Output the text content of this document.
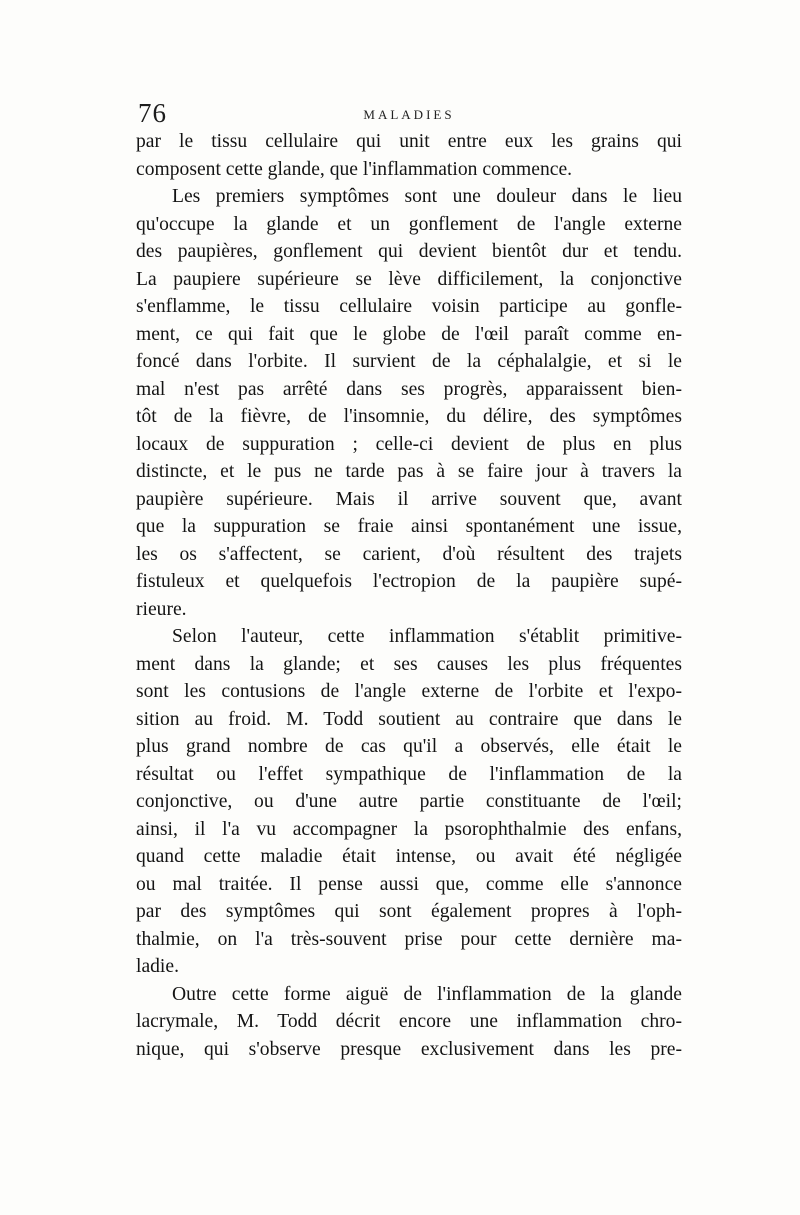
76	MALADIES
par le tissu cellulaire qui unit entre eux les grains qui
composent cette glande, que l'inflammation commence.
Les premiers symptômes sont une douleur dans le lieu
qu'occupe la glande et un gonflement de l'angle externe
des paupières, gonflement qui devient bientôt dur et tendu.
La paupiere supérieure se lève difficilement, la conjonctive
s'enflamme, le tissu cellulaire voisin participe au gonfle-
ment, ce qui fait que le globe de l'œil paraît comme en-
foncé dans l'orbite. Il survient de la céphalalgie, et si le
mal n'est pas arrêté dans ses progrès, apparaissent bien-
tôt de la fièvre, de l'insomnie, du délire, des symptômes
locaux de suppuration ; celle-ci devient de plus en plus
distincte, et le pus ne tarde pas à se faire jour à travers la
paupière supérieure. Mais il arrive souvent que, avant
que la suppuration se fraie ainsi spontanément une issue,
les os s'affectent, se carient, d'où résultent des trajets
fistuleux et quelquefois l'ectropion de la paupière supé-
rieure.
Selon l'auteur, cette inflammation s'établit primitive-
ment dans la glande; et ses causes les plus fréquentes
sont les contusions de l'angle externe de l'orbite et l'expo-
sition au froid. M. Todd soutient au contraire que dans le
plus grand nombre de cas qu'il a observés, elle était le
résultat ou l'effet sympathique de l'inflammation de la
conjonctive, ou d'une autre partie constituante de l'œil;
ainsi, il l'a vu accompagner la psorophthalmie des enfans,
quand cette maladie était intense, ou avait été négligée
ou mal traitée. Il pense aussi que, comme elle s'annonce
par des symptômes qui sont également propres à l'oph-
thalmie, on l'a très-souvent prise pour cette dernière ma-
ladie.
Outre cette forme aiguë de l'inflammation de la glande
lacrymale, M. Todd décrit encore une inflammation chro-
nique, qui s'observe presque exclusivement dans les pre-
